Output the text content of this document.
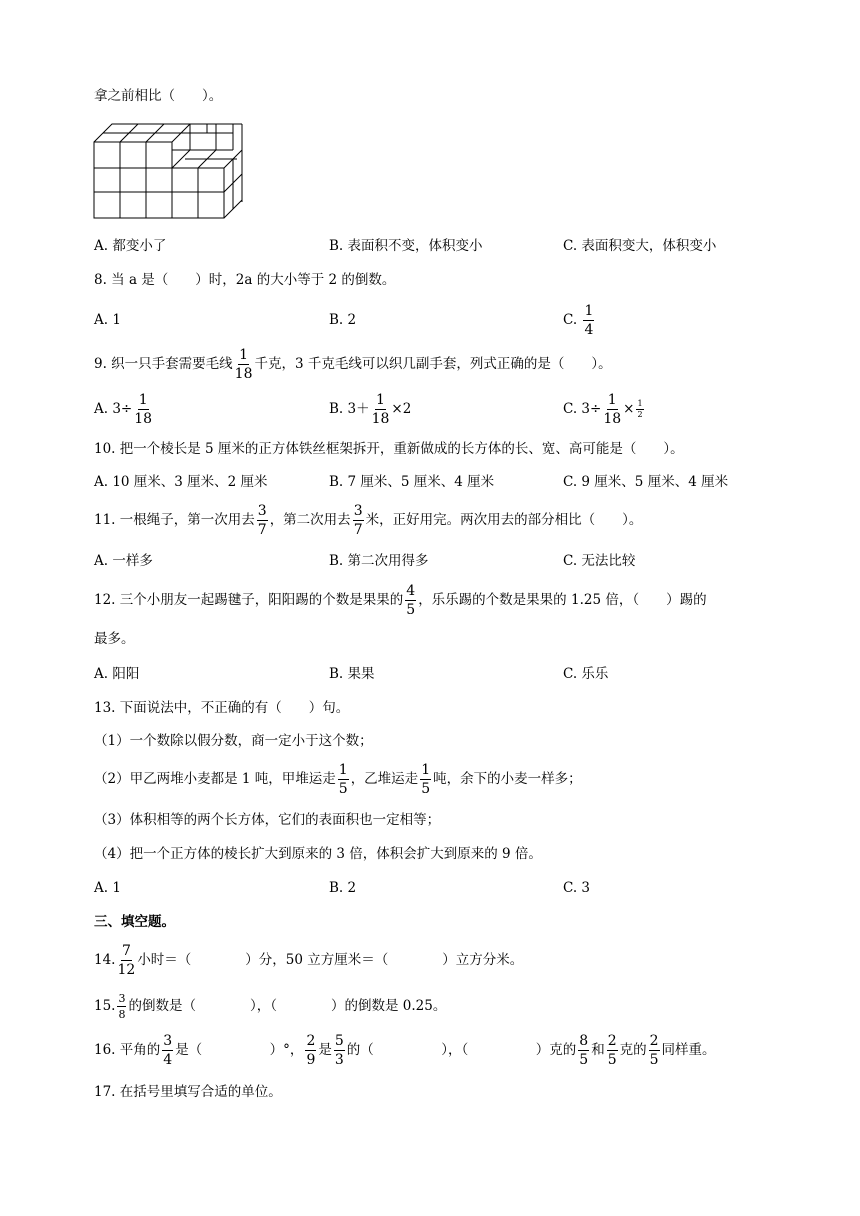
拿之前相比（　　）。
A. 都变小了	B. 表面积不变，体积变小	C. 表面积变大，体积变小
8. 当 a 是（　　）时，2a 的大小等于 2 的倒数。
A. 1	B. 2	C. $\frac{1}{4}$
9. 织一只手套需要毛线 $\frac{1}{18}$ 千克，3 千克毛线可以织几副手套，列式正确的是（　　）。
A. $3\div \frac{1}{18}$	B. $3+ \frac{1}{18} \times 2$	C. $3\div \frac{1}{18} \times \frac{1}{2}$
10. 把一个棱长是 5 厘米的正方体铁丝框架拆开，重新做成的长方体的长、宽、高可能是（　　）。
A. 10 厘米、3 厘米、2 厘米	B. 7 厘米、5 厘米、4 厘米	C. 9 厘米、5 厘米、4 厘米
11. 一根绳子，第一次用去 $\frac{3}{7}$ ，第二次用去 $\frac{3}{7}$ 米，正好用完。两次用去的部分相比（　　）。
A. 一样多	B. 第二次用得多	C. 无法比较
12. 三个小朋友一起踢毽子，阳阳踢的个数是果果的 $\frac{4}{5}$ ，乐乐踢的个数是果果的 1.25 倍，（　　）踢的
最多。
A. 阳阳	B. 果果	C. 乐乐
13. 下面说法中，不正确的有（　　）句。
（1）一个数除以假分数，商一定小于这个数；
（2）甲乙两堆小麦都是 1 吨，甲堆运走 $\frac{1}{5}$ ，乙堆运走 $\frac{1}{5}$ 吨，余下的小麦一样多；
（3）体积相等的两个长方体，它们的表面积也一定相等；
（4）把一个正方体的棱长扩大到原来的 3 倍，体积会扩大到原来的 9 倍。
A. 1	B. 2	C. 3
三、填空题。
14. $\frac{7}{12}$ 小时＝（　　　　）分，50 立方厘米＝（　　　　）立方分米。
15. $\frac{3}{8}$ 的倒数是（　　　　），（　　　　）的倒数是 0.25。
16. 平角的 $\frac{3}{4}$ 是（　　　　　）°， $\frac{2}{9}$ 是 $\frac{5}{3}$ 的（　　　　　），（　　　　　）克的 $\frac{8}{5}$ 和 $\frac{2}{5}$ 克的 $\frac{2}{5}$ 同样重。
17. 在括号里填写合适的单位。
